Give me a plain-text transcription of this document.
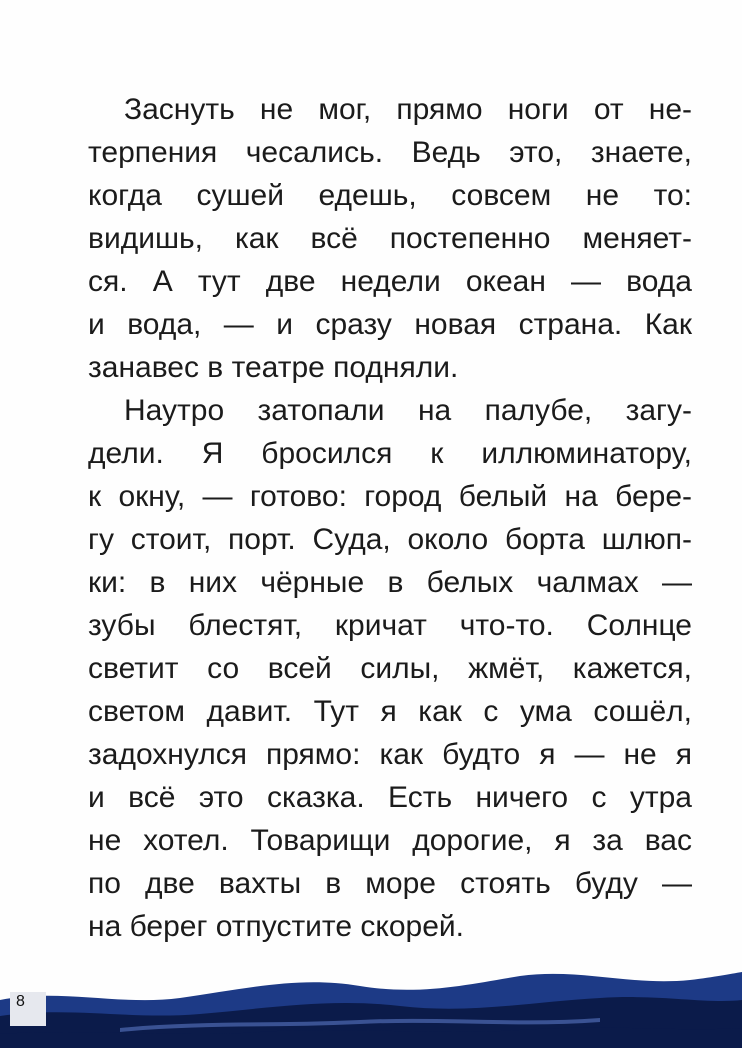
Заснуть не мог, прямо ноги от не-
терпения чесались. Ведь это, знаете,
когда сушей едешь, совсем не то:
видишь, как всё постепенно меняет-
ся. А тут две недели океан — вода
и вода, — и сразу новая страна. Как
занавес в театре подняли.
Наутро затопали на палубе, загу-
дели. Я бросился к иллюминатору,
к окну, — готово: город белый на бере-
гу стоит, порт. Суда, около борта шлюп-
ки: в них чёрные в белых чалмах —
зубы блестят, кричат что-то. Солнце
светит со всей силы, жмёт, кажется,
светом давит. Тут я как с ума сошёл,
задохнулся прямо: как будто я — не я
и всё это сказка. Есть ничего с утра
не хотел. Товарищи дорогие, я за вас
по две вахты в море стоять буду —
на берег отпустите скорей.
8
